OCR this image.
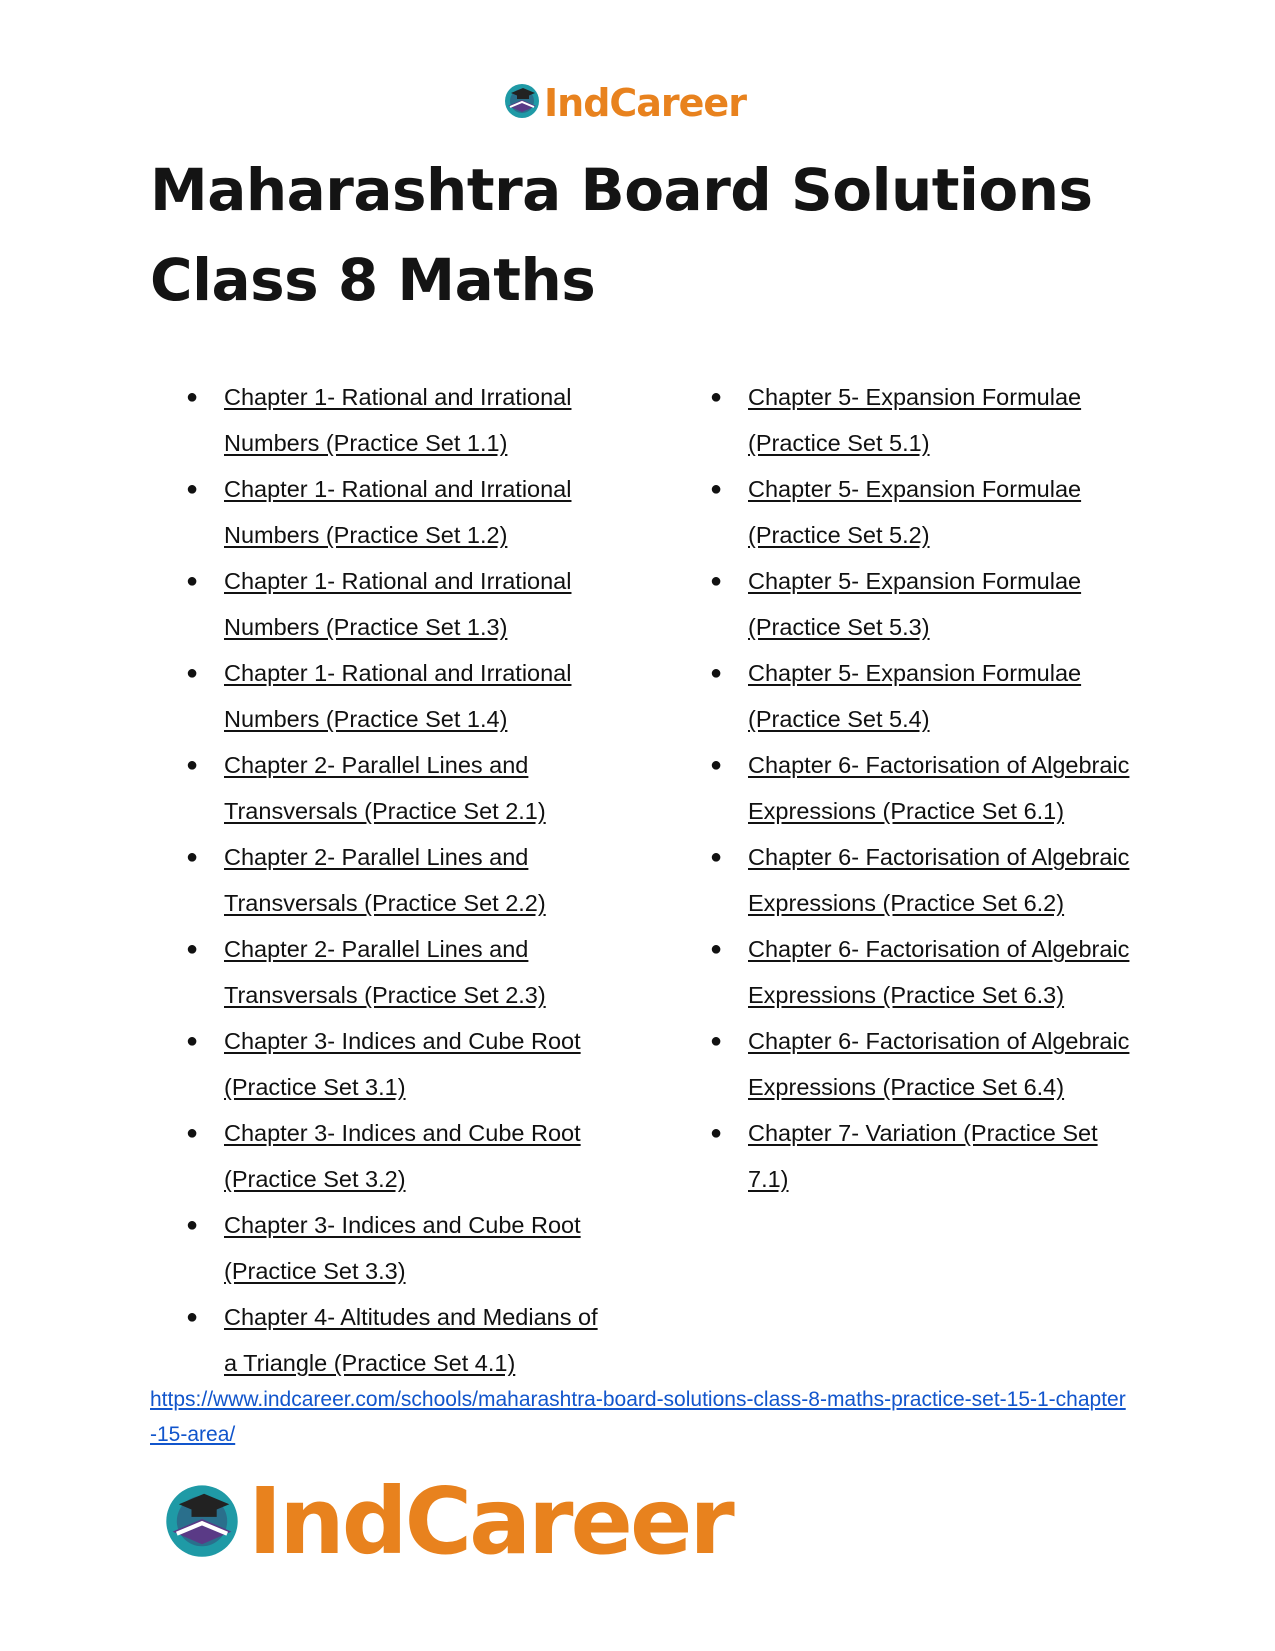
IndCareer
Maharashtra Board Solutions Class 8 Maths
● Chapter 1- Rational and Irrational Numbers (Practice Set 1.1)
● Chapter 1- Rational and Irrational Numbers (Practice Set 1.2)
● Chapter 1- Rational and Irrational Numbers (Practice Set 1.3)
● Chapter 1- Rational and Irrational Numbers (Practice Set 1.4)
● Chapter 2- Parallel Lines and Transversals (Practice Set 2.1)
● Chapter 2- Parallel Lines and Transversals (Practice Set 2.2)
● Chapter 2- Parallel Lines and Transversals (Practice Set 2.3)
● Chapter 3- Indices and Cube Root (Practice Set 3.1)
● Chapter 3- Indices and Cube Root (Practice Set 3.2)
● Chapter 3- Indices and Cube Root (Practice Set 3.3)
● Chapter 4- Altitudes and Medians of a Triangle (Practice Set 4.1)
● Chapter 5- Expansion Formulae (Practice Set 5.1)
● Chapter 5- Expansion Formulae (Practice Set 5.2)
● Chapter 5- Expansion Formulae (Practice Set 5.3)
● Chapter 5- Expansion Formulae (Practice Set 5.4)
● Chapter 6- Factorisation of Algebraic Expressions (Practice Set 6.1)
● Chapter 6- Factorisation of Algebraic Expressions (Practice Set 6.2)
● Chapter 6- Factorisation of Algebraic Expressions (Practice Set 6.3)
● Chapter 6- Factorisation of Algebraic Expressions (Practice Set 6.4)
● Chapter 7- Variation (Practice Set 7.1)
https://www.indcareer.com/schools/maharashtra-board-solutions-class-8-maths-practice-set-15-1-chapter-15-area/
IndCareer
